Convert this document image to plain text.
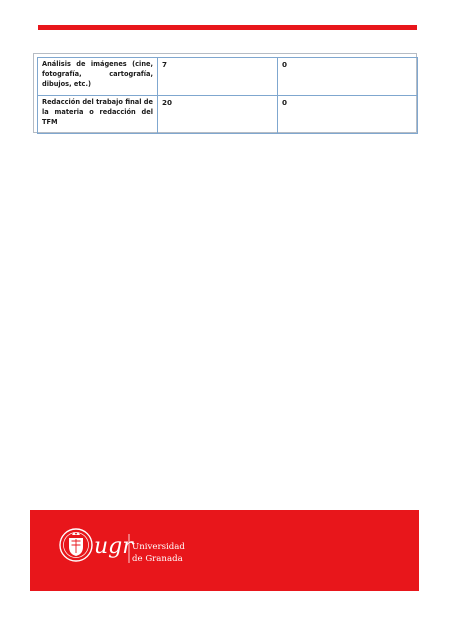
Análisis de imágenes (cine, fotografía, cartografía, dibujos, etc.)	7	0
Redacción del trabajo final de la materia o redacción del TFM	20	0
ugr Universidad
de Granada
